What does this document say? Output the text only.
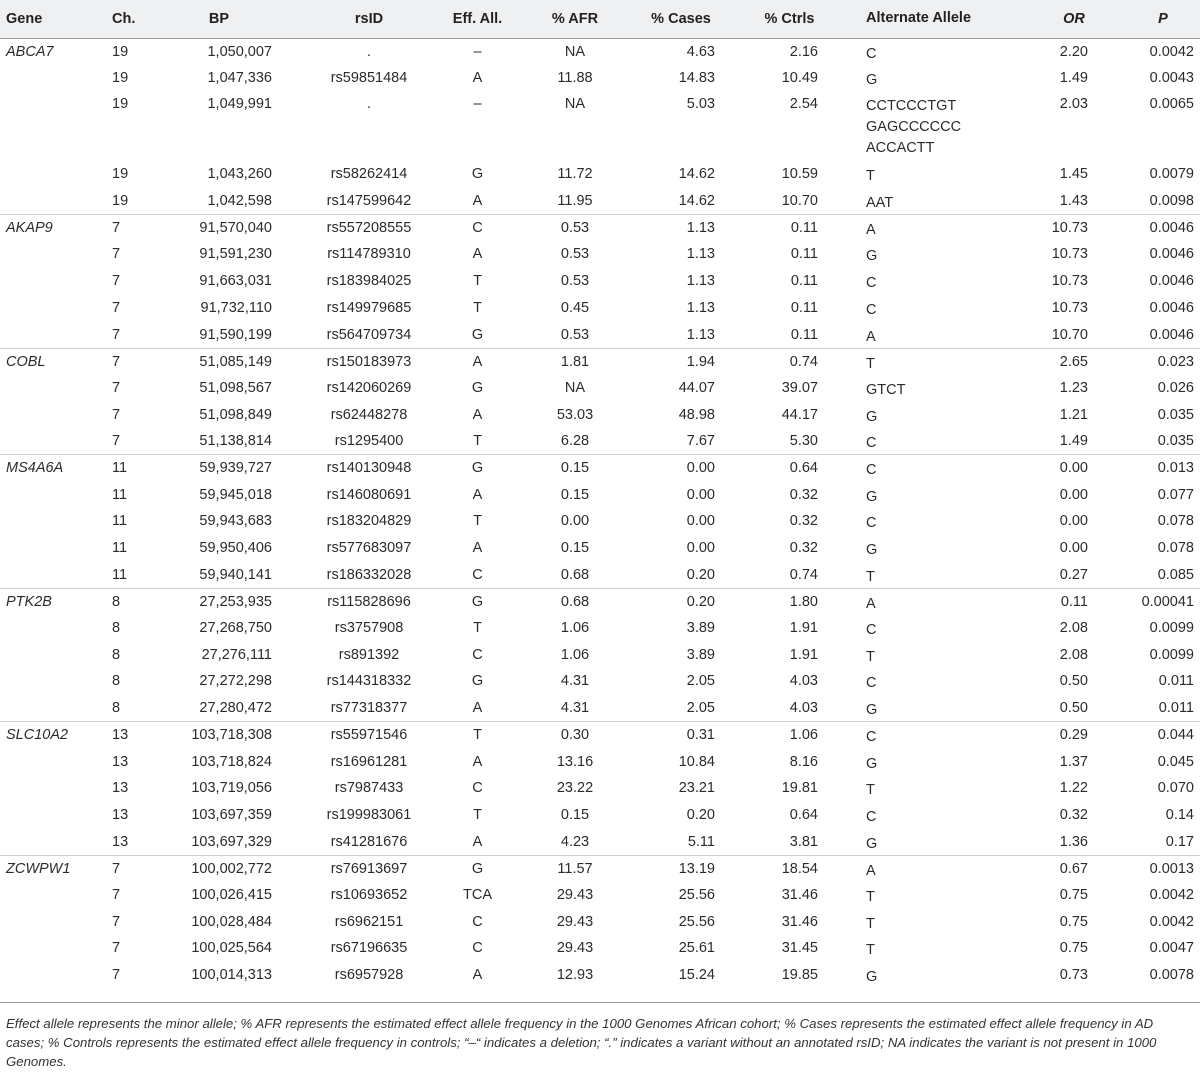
Gene	Ch.	BP	rsID	Eff. All.	% AFR	% Cases	% Ctrls	Alternate Allele	OR	P
ABCA7	19	1,050,007	.	–	NA	4.63	2.16	C	2.20	0.0042
	19	1,047,336	rs59851484	A	11.88	14.83	10.49	G	1.49	0.0043
	19	1,049,991	.	–	NA	5.03	2.54	CCTCCCTGT
GAGCCCCCC
ACCACTT	2.03	0.0065
	19	1,043,260	rs58262414	G	11.72	14.62	10.59	T	1.45	0.0079
	19	1,042,598	rs147599642	A	11.95	14.62	10.70	AAT	1.43	0.0098
AKAP9	7	91,570,040	rs557208555	C	0.53	1.13	0.11	A	10.73	0.0046
	7	91,591,230	rs114789310	A	0.53	1.13	0.11	G	10.73	0.0046
	7	91,663,031	rs183984025	T	0.53	1.13	0.11	C	10.73	0.0046
	7	91,732,110	rs149979685	T	0.45	1.13	0.11	C	10.73	0.0046
	7	91,590,199	rs564709734	G	0.53	1.13	0.11	A	10.70	0.0046
COBL	7	51,085,149	rs150183973	A	1.81	1.94	0.74	T	2.65	0.023
	7	51,098,567	rs142060269	G	NA	44.07	39.07	GTCT	1.23	0.026
	7	51,098,849	rs62448278	A	53.03	48.98	44.17	G	1.21	0.035
	7	51,138,814	rs1295400	T	6.28	7.67	5.30	C	1.49	0.035
MS4A6A	11	59,939,727	rs140130948	G	0.15	0.00	0.64	C	0.00	0.013
	11	59,945,018	rs146080691	A	0.15	0.00	0.32	G	0.00	0.077
	11	59,943,683	rs183204829	T	0.00	0.00	0.32	C	0.00	0.078
	11	59,950,406	rs577683097	A	0.15	0.00	0.32	G	0.00	0.078
	11	59,940,141	rs186332028	C	0.68	0.20	0.74	T	0.27	0.085
PTK2B	8	27,253,935	rs115828696	G	0.68	0.20	1.80	A	0.11	0.00041
	8	27,268,750	rs3757908	T	1.06	3.89	1.91	C	2.08	0.0099
	8	27,276,111	rs891392	C	1.06	3.89	1.91	T	2.08	0.0099
	8	27,272,298	rs144318332	G	4.31	2.05	4.03	C	0.50	0.011
	8	27,280,472	rs77318377	A	4.31	2.05	4.03	G	0.50	0.011
SLC10A2	13	103,718,308	rs55971546	T	0.30	0.31	1.06	C	0.29	0.044
	13	103,718,824	rs16961281	A	13.16	10.84	8.16	G	1.37	0.045
	13	103,719,056	rs7987433	C	23.22	23.21	19.81	T	1.22	0.070
	13	103,697,359	rs199983061	T	0.15	0.20	0.64	C	0.32	0.14
	13	103,697,329	rs41281676	A	4.23	5.11	3.81	G	1.36	0.17
ZCWPW1	7	100,002,772	rs76913697	G	11.57	13.19	18.54	A	0.67	0.0013
	7	100,026,415	rs10693652	TCA	29.43	25.56	31.46	T	0.75	0.0042
	7	100,028,484	rs6962151	C	29.43	25.56	31.46	T	0.75	0.0042
	7	100,025,564	rs67196635	C	29.43	25.61	31.45	T	0.75	0.0047
	7	100,014,313	rs6957928	A	12.93	15.24	19.85	G	0.73	0.0078
Effect allele represents the minor allele; % AFR represents the estimated effect allele frequency in the 1000 Genomes African cohort; % Cases represents the estimated effect allele frequency in AD cases; % Controls represents the estimated effect allele frequency in controls; “–“ indicates a deletion; “.” indicates a variant without an annotated rsID; NA indicates the variant is not present in 1000 Genomes.
